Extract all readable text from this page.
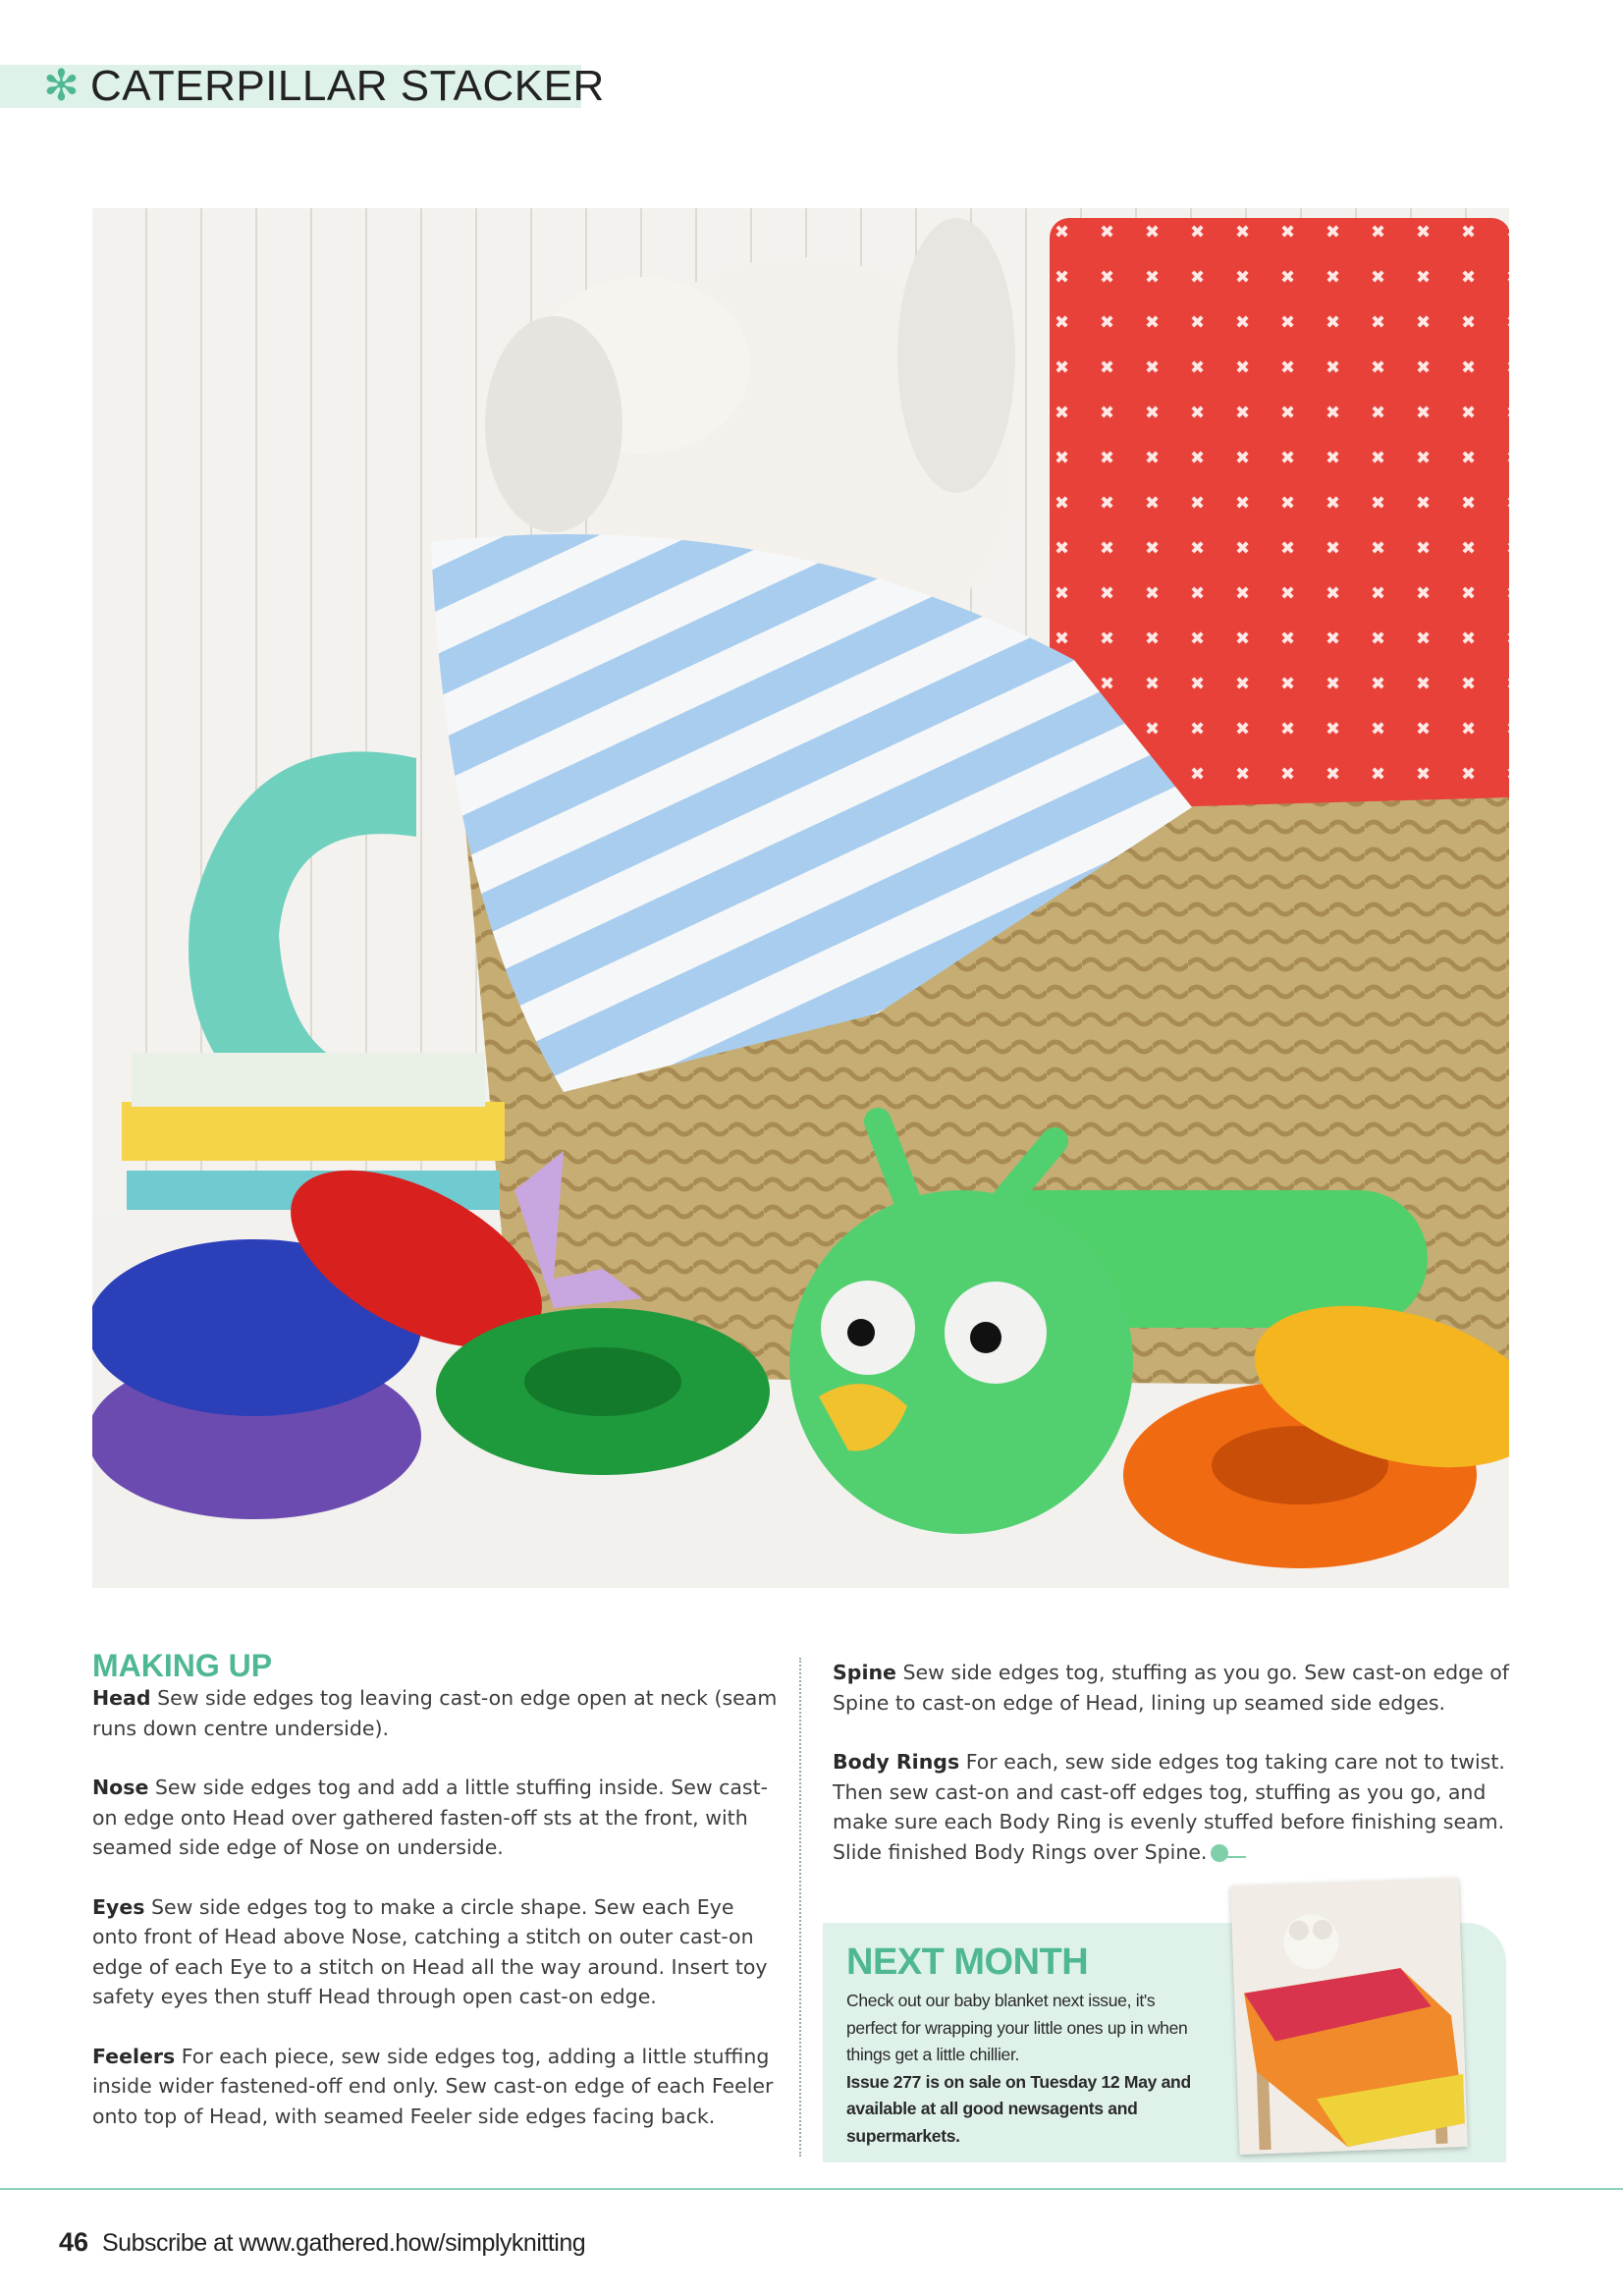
✻ CATERPILLAR STACKER
MAKING UP

Head Sew side edges tog leaving cast-on edge open at neck (seam runs down centre underside).

Nose Sew side edges tog and add a little stuffing inside. Sew cast-on edge onto Head over gathered fasten-off sts at the front, with seamed side edge of Nose on underside.

Eyes Sew side edges tog to make a circle shape. Sew each Eye onto front of Head above Nose, catching a stitch on outer cast-on edge of each Eye to a stitch on Head all the way around. Insert toy safety eyes then stuff Head through open cast-on edge.

Feelers For each piece, sew side edges tog, adding a little stuffing inside wider fastened-off end only. Sew cast-on edge of each Feeler onto top of Head, with seamed Feeler side edges facing back.

Spine Sew side edges tog, stuffing as you go. Sew cast-on edge of Spine to cast-on edge of Head, lining up seamed side edges.

Body Rings For each, sew side edges tog taking care not to twist. Then sew cast-on and cast-off edges tog, stuffing as you go, and make sure each Body Ring is evenly stuffed before finishing seam. Slide finished Body Rings over Spine.

NEXT MONTH
Check out our baby blanket next issue, it's perfect for wrapping your little ones up in when things get a little chillier.
Issue 277 is on sale on Tuesday 12 May and available at all good newsagents and supermarkets.
46 Subscribe at www.gathered.how/simplyknitting
